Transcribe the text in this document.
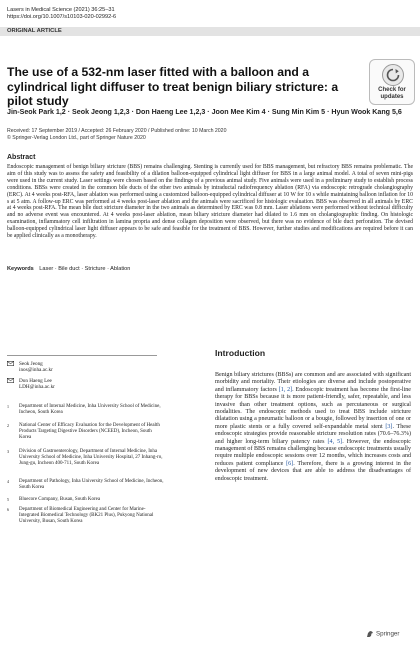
Lasers in Medical Science (2021) 36:25–31
https://doi.org/10.1007/s10103-020-02992-6
ORIGINAL ARTICLE
Check for
updates
The use of a 532-nm laser fitted with a balloon and a cylindrical light diffuser to treat benign biliary stricture: a pilot study
Jin-Seok Park 1,2 · Seok Jeong 1,2,3 · Don Haeng Lee 1,2,3 · Joon Mee Kim 4 · Sung Min Kim 5 · Hyun Wook Kang 5,6
Received: 17 September 2019 / Accepted: 26 February 2020 / Published online: 10 March 2020
© Springer-Verlag London Ltd., part of Springer Nature 2020
Abstract

Endoscopic management of benign biliary stricture (BBS) remains challenging. Stenting is currently used for BBS management, but refractory BBS remains problematic. The aim of this study was to assess the safety and feasibility of a dilation balloon-equipped cylindrical light diffuser for BBS in a large animal model. A total of seven mini-pigs were used in the current study. Laser settings were chosen based on the findings of a previous animal study. Five animals were used in a preliminary study to establish process conditions. BBSs were created in the common bile ducts of the other two animals by intraductal radiofrequency ablation (RFA) via endoscopic retrograde cholangiography (ERC). At 4 weeks post-RFA, laser ablation was performed using a customized balloon-equipped cylindrical diffuser at 10 W for 10 s while maintaining balloon inflation for 10 s at 5 atm. A follow-up ERC was performed at 4 weeks post-laser ablation and the animals were sacrificed for histologic evaluation. BBS was observed in all animals by ERC at 4 weeks post-RFA. The mean bile duct stricture diameter in the two animals as determined by ERC was 0.8 mm. Laser ablations were performed without technical difficulty and no adverse event was encountered. At 4 weeks post-laser ablation, mean biliary stricture diameter had dilated to 1.6 mm on cholangiographic finding. On histologic examination, inflammatory cell infiltration in lamina propria and dense collagen deposition were observed, but there was no evidence of bile duct perforation. The devised balloon-equipped cylindrical laser light diffuser appears to be safe and feasible for the treatment of BBS. However, further studies and modifications are required before it can be applied clinically as a monotherapy.

Keywords Laser · Bile duct · Stricture · Ablation
Seok Jeong
inos@inha.ac.kr
Don Haeng Lee
LDH@inha.ac.kr
1 Department of Internal Medicine, Inha University School of Medicine, Incheon, South Korea
2 National Center of Efficacy Evaluation for the Development of Health Products Targeting Digestive Disorders (NCEED), Incheon, South Korea
3 Division of Gastroenterology, Department of Internal Medicine, Inha University School of Medicine, Inha University Hospital, 27 Inhang-ro, Jung-gu, Incheon 400-711, South Korea
4 Department of Pathology, Inha University School of Medicine, Incheon, South Korea
5 Bluecore Company, Busan, South Korea
6 Department of Biomedical Engineering and Center for Marine-Integrated Biomedical Technology (BK21 Plus), Pukyong National University, Busan, South Korea
Introduction

Benign biliary strictures (BBSs) are common and are associated with significant morbidity and mortality. Their etiologies are diverse and include postoperative and inflammatory factors [1, 2]. Endoscopic treatment has become the first-line therapy for BBSs because it is more patient-friendly, safer, repeatable, and less invasive than other treatment options, such as percutaneous or surgical modalities. The endoscopic methods used to treat BBS include stricture dilatation using a pneumatic balloon or a bougie, followed by insertion of one or more plastic stents or a fully covered self-expandable metal stent [3]. These endoscopic strategies provide reasonable stricture resolution rates (70.6–76.3%) and higher long-term biliary patency rates [4, 5]. However, the endoscopic management of BBS remains challenging because endoscopic treatments usually require multiple endoscopic sessions over 12 months, which increases costs and reduces patient compliance [6]. Therefore, there is a growing interest in the development of new devices that are able to address the disadvantages of endoscopic treatment.

Springer
